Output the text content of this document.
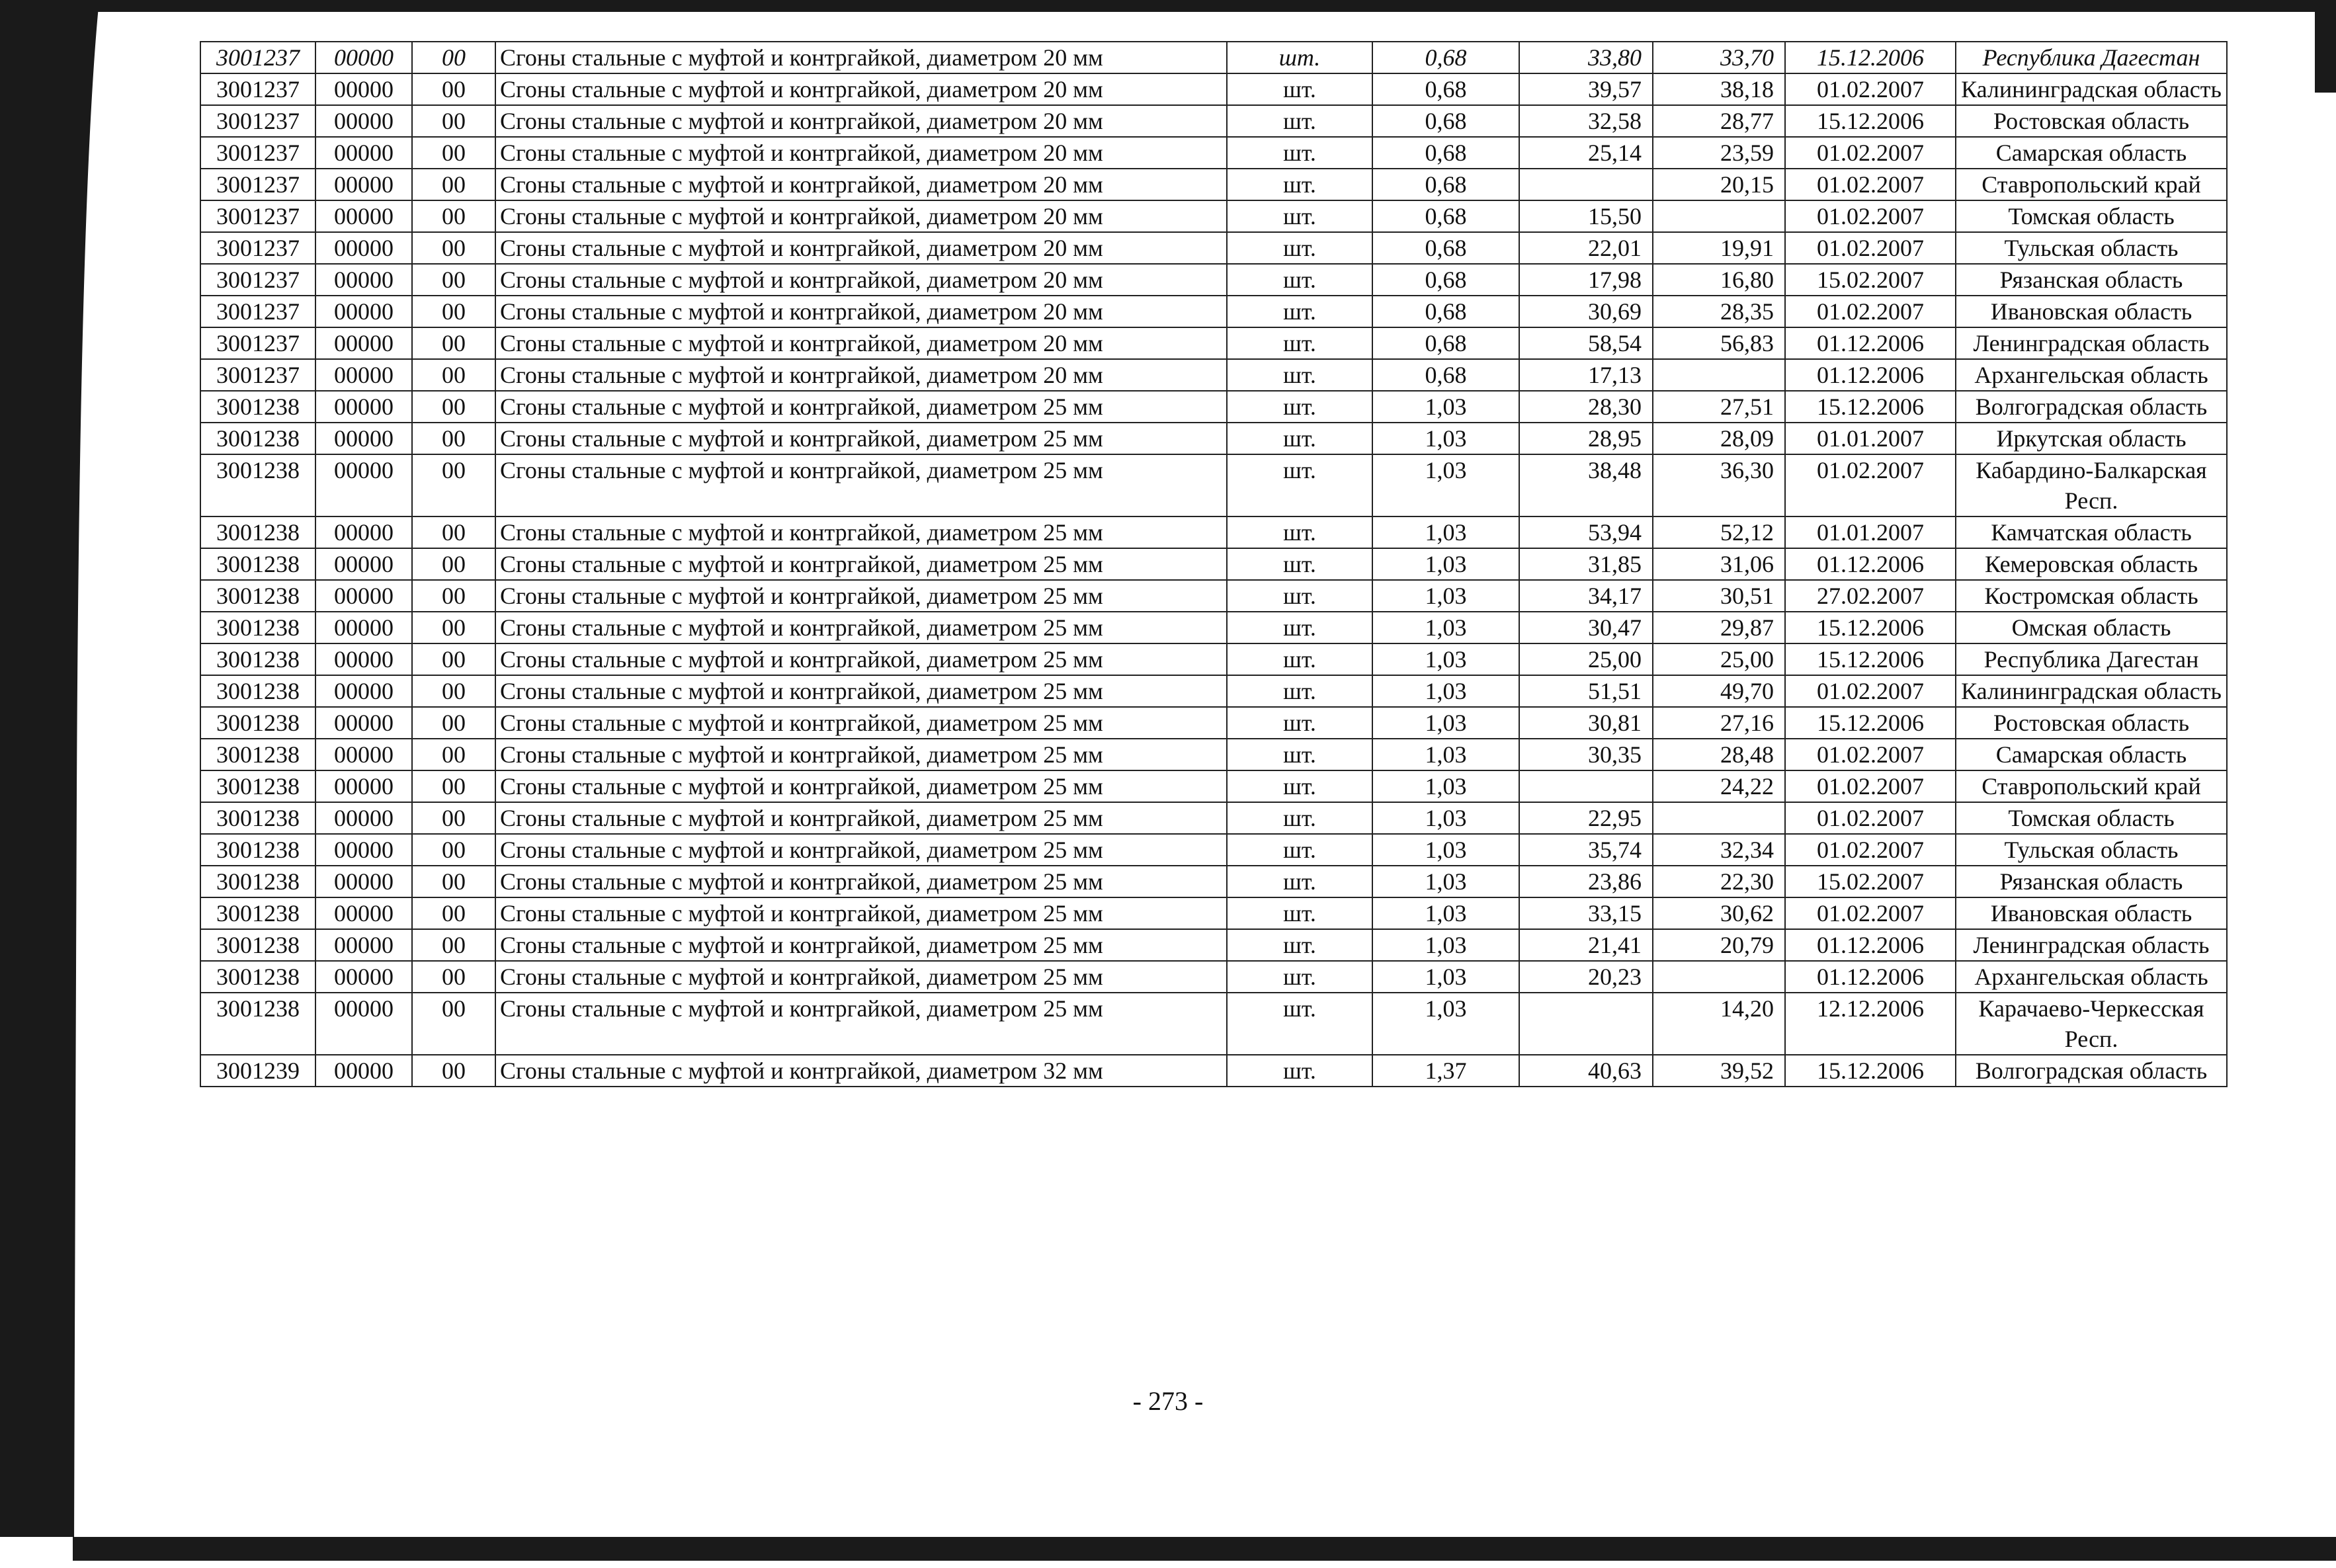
3001237	00000	00	Сгоны стальные с муфтой и контргайкой, диаметром 20 мм	шт.	0,68	33,80	33,70	15.12.2006	Республика Дагестан
3001237	00000	00	Сгоны стальные с муфтой и контргайкой, диаметром 20 мм	шт.	0,68	39,57	38,18	01.02.2007	Калининградская область
3001237	00000	00	Сгоны стальные с муфтой и контргайкой, диаметром 20 мм	шт.	0,68	32,58	28,77	15.12.2006	Ростовская область
3001237	00000	00	Сгоны стальные с муфтой и контргайкой, диаметром 20 мм	шт.	0,68	25,14	23,59	01.02.2007	Самарская область
3001237	00000	00	Сгоны стальные с муфтой и контргайкой, диаметром 20 мм	шт.	0,68		20,15	01.02.2007	Ставропольский край
3001237	00000	00	Сгоны стальные с муфтой и контргайкой, диаметром 20 мм	шт.	0,68	15,50		01.02.2007	Томская область
3001237	00000	00	Сгоны стальные с муфтой и контргайкой, диаметром 20 мм	шт.	0,68	22,01	19,91	01.02.2007	Тульская область
3001237	00000	00	Сгоны стальные с муфтой и контргайкой, диаметром 20 мм	шт.	0,68	17,98	16,80	15.02.2007	Рязанская область
3001237	00000	00	Сгоны стальные с муфтой и контргайкой, диаметром 20 мм	шт.	0,68	30,69	28,35	01.02.2007	Ивановская область
3001237	00000	00	Сгоны стальные с муфтой и контргайкой, диаметром 20 мм	шт.	0,68	58,54	56,83	01.12.2006	Ленинградская область
3001237	00000	00	Сгоны стальные с муфтой и контргайкой, диаметром 20 мм	шт.	0,68	17,13		01.12.2006	Архангельская область
3001238	00000	00	Сгоны стальные с муфтой и контргайкой, диаметром 25 мм	шт.	1,03	28,30	27,51	15.12.2006	Волгоградская область
3001238	00000	00	Сгоны стальные с муфтой и контргайкой, диаметром 25 мм	шт.	1,03	28,95	28,09	01.01.2007	Иркутская область
3001238	00000	00	Сгоны стальные с муфтой и контргайкой, диаметром 25 мм	шт.	1,03	38,48	36,30	01.02.2007	Кабардино-Балкарская Респ.
3001238	00000	00	Сгоны стальные с муфтой и контргайкой, диаметром 25 мм	шт.	1,03	53,94	52,12	01.01.2007	Камчатская область
3001238	00000	00	Сгоны стальные с муфтой и контргайкой, диаметром 25 мм	шт.	1,03	31,85	31,06	01.12.2006	Кемеровская область
3001238	00000	00	Сгоны стальные с муфтой и контргайкой, диаметром 25 мм	шт.	1,03	34,17	30,51	27.02.2007	Костромская область
3001238	00000	00	Сгоны стальные с муфтой и контргайкой, диаметром 25 мм	шт.	1,03	30,47	29,87	15.12.2006	Омская область
3001238	00000	00	Сгоны стальные с муфтой и контргайкой, диаметром 25 мм	шт.	1,03	25,00	25,00	15.12.2006	Республика Дагестан
3001238	00000	00	Сгоны стальные с муфтой и контргайкой, диаметром 25 мм	шт.	1,03	51,51	49,70	01.02.2007	Калининградская область
3001238	00000	00	Сгоны стальные с муфтой и контргайкой, диаметром 25 мм	шт.	1,03	30,81	27,16	15.12.2006	Ростовская область
3001238	00000	00	Сгоны стальные с муфтой и контргайкой, диаметром 25 мм	шт.	1,03	30,35	28,48	01.02.2007	Самарская область
3001238	00000	00	Сгоны стальные с муфтой и контргайкой, диаметром 25 мм	шт.	1,03		24,22	01.02.2007	Ставропольский край
3001238	00000	00	Сгоны стальные с муфтой и контргайкой, диаметром 25 мм	шт.	1,03	22,95		01.02.2007	Томская область
3001238	00000	00	Сгоны стальные с муфтой и контргайкой, диаметром 25 мм	шт.	1,03	35,74	32,34	01.02.2007	Тульская область
3001238	00000	00	Сгоны стальные с муфтой и контргайкой, диаметром 25 мм	шт.	1,03	23,86	22,30	15.02.2007	Рязанская область
3001238	00000	00	Сгоны стальные с муфтой и контргайкой, диаметром 25 мм	шт.	1,03	33,15	30,62	01.02.2007	Ивановская область
3001238	00000	00	Сгоны стальные с муфтой и контргайкой, диаметром 25 мм	шт.	1,03	21,41	20,79	01.12.2006	Ленинградская область
3001238	00000	00	Сгоны стальные с муфтой и контргайкой, диаметром 25 мм	шт.	1,03	20,23		01.12.2006	Архангельская область
3001238	00000	00	Сгоны стальные с муфтой и контргайкой, диаметром 25 мм	шт.	1,03		14,20	12.12.2006	Карачаево-Черкесская Респ.
3001239	00000	00	Сгоны стальные с муфтой и контргайкой, диаметром 32 мм	шт.	1,37	40,63	39,52	15.12.2006	Волгоградская область
- 273 -
